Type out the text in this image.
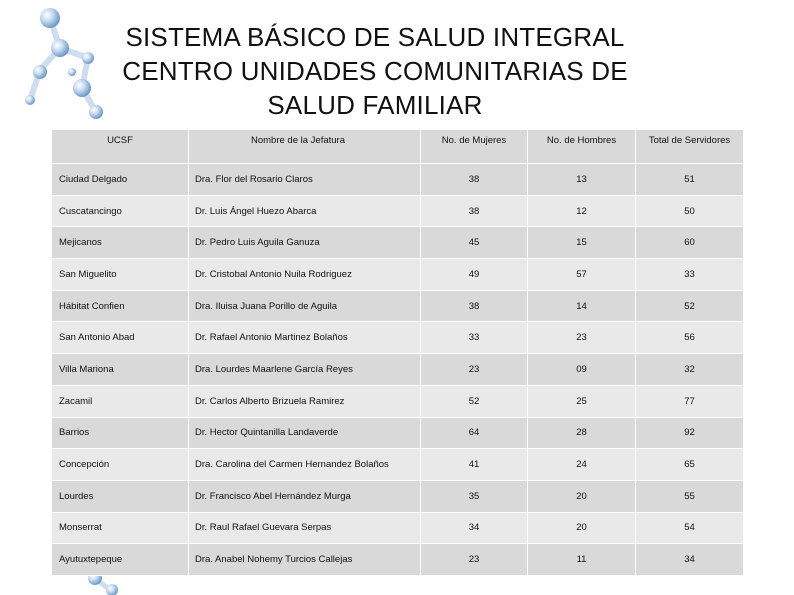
SISTEMA BÁSICO DE SALUD INTEGRAL
CENTRO UNIDADES COMUNITARIAS DE
SALUD FAMILIAR
UCSF	Nombre de la Jefatura	No. de Mujeres	No. de Hombres	Total de Servidores
Ciudad Delgado	Dra. Flor del Rosario Claros	38	13	51
Cuscatancingo	Dr. Luis Ángel Huezo Abarca	38	12	50
Mejicanos	Dr. Pedro Luis Aguila Ganuza	45	15	60
San Miguelito	Dr. Cristobal Antonio Nuila Rodriguez	49	57	33
Hábitat Confien	Dra. Iluisa Juana Porillo de Aguila	38	14	52
San Antonio Abad	Dr. Rafael Antonio Martinez Bolaños	33	23	56
Villa Mariona	Dra. Lourdes Maarlene García Reyes	23	09	32
Zacamil	Dr. Carlos Alberto Brizuela Ramirez	52	25	77
Barrios	Dr. Hector Quintanilla Landaverde	64	28	92
Concepción	Dra. Carolina del Carmen Hernandez Bolaños	41	24	65
Lourdes	Dr. Francisco Abel Hernández Murga	35	20	55
Monserrat	Dr. Raul Rafael Guevara Serpas	34	20	54
Ayutuxtepeque	Dra. Anabel Nohemy Turcios Callejas	23	11	34
